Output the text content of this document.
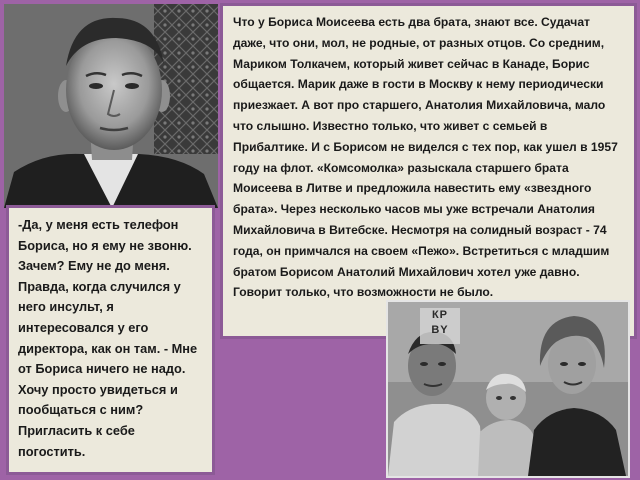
Что у Бориса Моисеева есть два брата, знают все. Судачат даже, что они, мол, не родные, от разных отцов. Со средним, Мариком Толкачем, который живет сейчас в Канаде, Борис общается. Марик даже в гости в Москву к нему периодически приезжает. А вот про старшего, Анатолия Михайловича, мало что слышно. Известно только, что живет с семьей в Прибалтике. И с Борисом не виделся с тех пор, как ушел в 1957 году на флот. «Комсомолка» разыскала старшего брата Моисеева в Литве и предложила навестить ему «звездного брата». Через несколько часов мы уже встречали Анатолия Михайловича в Витебске. Несмотря на солидный возраст - 74 года, он примчался на своем «Пежо». Встретиться с младшим братом Борисом Анатолий Михайлович хотел уже давно. Говорит только, что возможности не было.
-Да, у меня есть телефон Бориса, но я ему не звоню. Зачем? Ему не до меня. Правда, когда случился у него инсульт, я интересовался у его директора, как он там. - Мне от Бориса ничего не надо. Хочу просто увидеться и пообщаться с ним? Пригласить к себе погостить.
КР
BY
